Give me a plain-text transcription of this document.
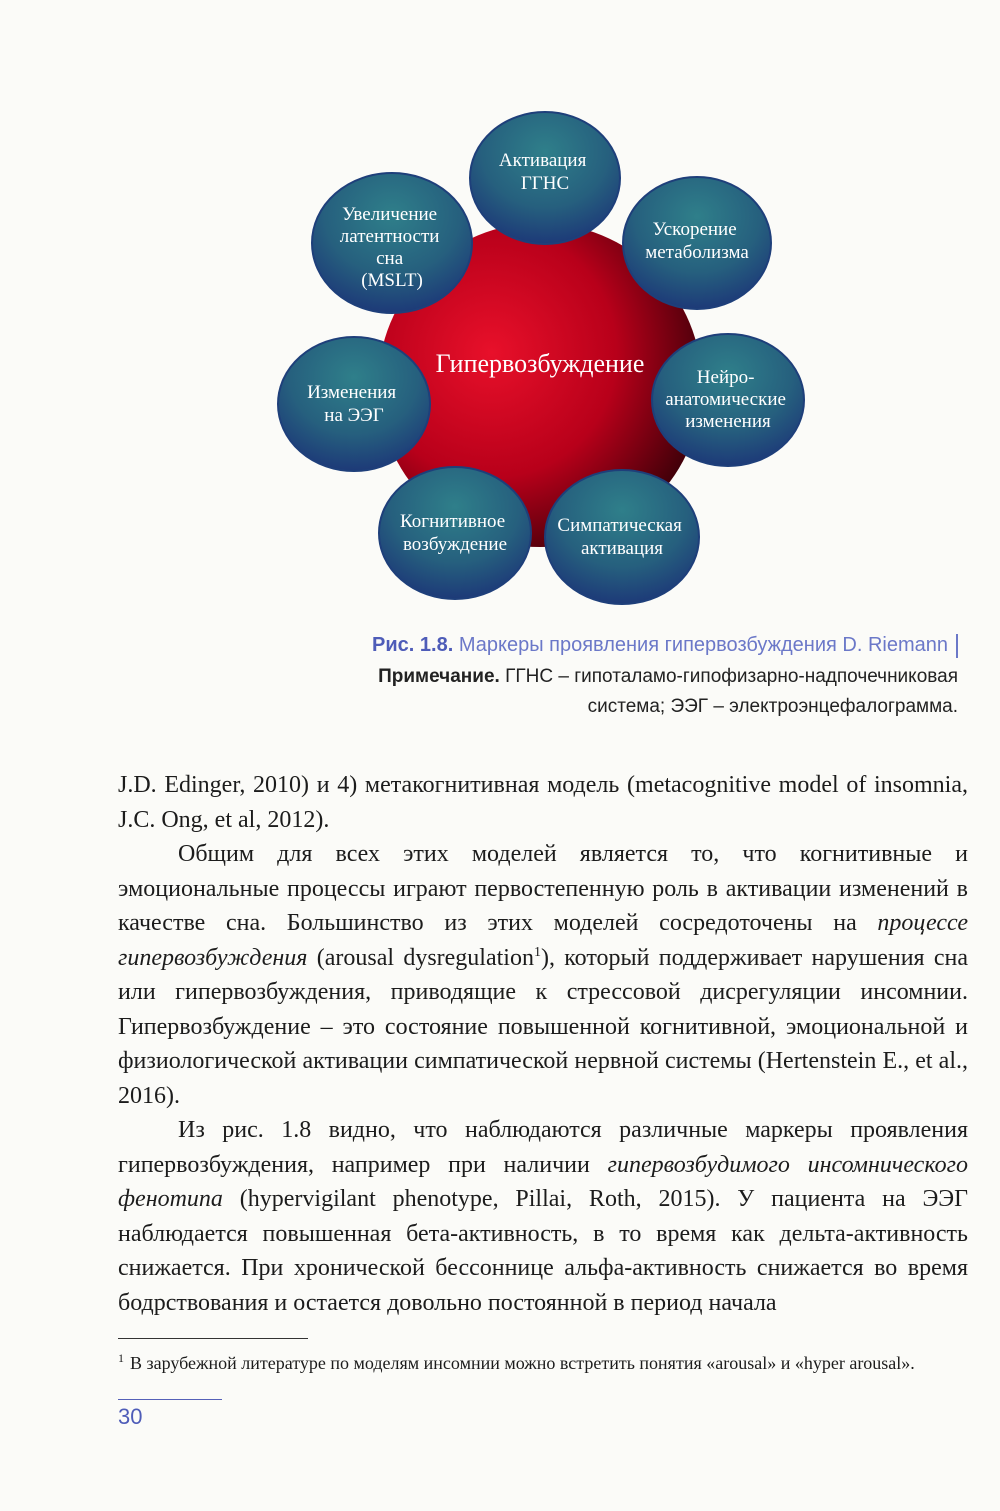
Гипервозбуждение
Активация ГГНС
Ускорение метаболизма
Нейро- анатомические изменения
Симпатическая активация
Когнитивное возбуждение
Изменения на ЭЭГ
Увеличение латентности сна (MSLT)
Рис. 1.8. Маркеры проявления гипервозбуждения D. Riemann
Примечание. ГГНС – гипоталамо-гипофизарно-надпочечниковая
система; ЭЭГ – электроэнцефалограмма.

J.D. Edinger, 2010) и 4) метакогнитивная модель (metacognitive model of insomnia, J.C. Ong, et al, 2012).

Общим для всех этих моделей является то, что когнитивные и эмоциональные процессы играют первостепенную роль в активации изменений в качестве сна. Большинство из этих моделей сосредоточены на процессе гипервозбуждения (arousal dysregulation$^1$), который поддерживает нарушения сна или гипервозбуждения, приводящие к стрессовой дисрегуляции инсомнии. Гипервозбуждение – это состояние повышенной когнитивной, эмоциональной и физиологической активации симпатической нервной системы (Hertenstein E., et al., 2016).

Из рис. 1.8 видно, что наблюдаются различные маркеры проявления гипервозбуждения, например при наличии гипервозбудимого инсомнического фенотипа (hypervigilant phenotype, Pillai, Roth, 2015). У пациента на ЭЭГ наблюдается повышенная бета-активность, в то время как дельта-активность снижается. При хронической бессоннице альфа-активность снижается во время бодрствования и остается довольно постоянной в период начала

$^1$ В зарубежной литературе по моделям инсомнии можно встретить понятия «arousal» и «hyper arousal».
30
